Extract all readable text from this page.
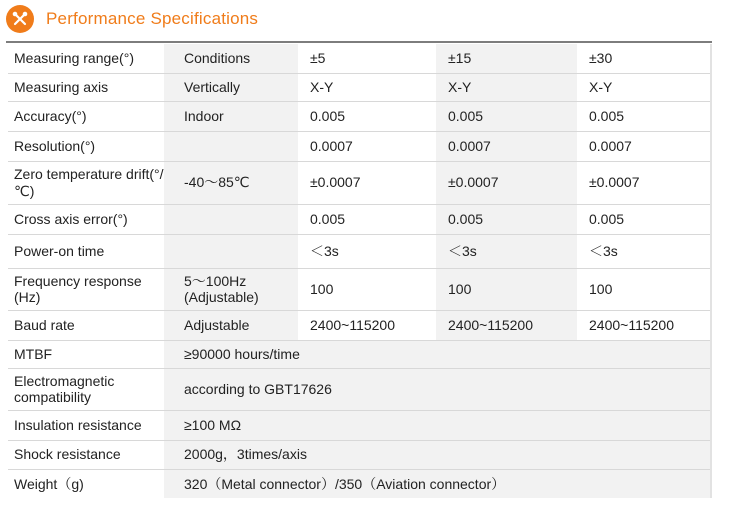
Performance Specifications
Measuring range(°)	Conditions	±5	±15	±30
Measuring axis	Vertically	X-Y	X-Y	X-Y
Accuracy(°)	Indoor	0.005	0.005	0.005
Resolution(°)		0.0007	0.0007	0.0007
Zero temperature drift(°/℃)	-40～85℃	±0.0007	±0.0007	±0.0007
Cross axis error(°)		0.005	0.005	0.005
Power-on time		＜3s	＜3s	＜3s
Frequency response (Hz)	5～100Hz (Adjustable)	100	100	100
Baud rate	Adjustable	2400~115200	2400~115200	2400~115200
MTBF	≥90000 hours/time			
Electromagnetic compatibility	according to GBT17626			
Insulation resistance	≥100 MΩ			
Shock resistance	2000g，3times/axis			
Weight（g)	320（Metal connector）/350（Aviation connector）			
